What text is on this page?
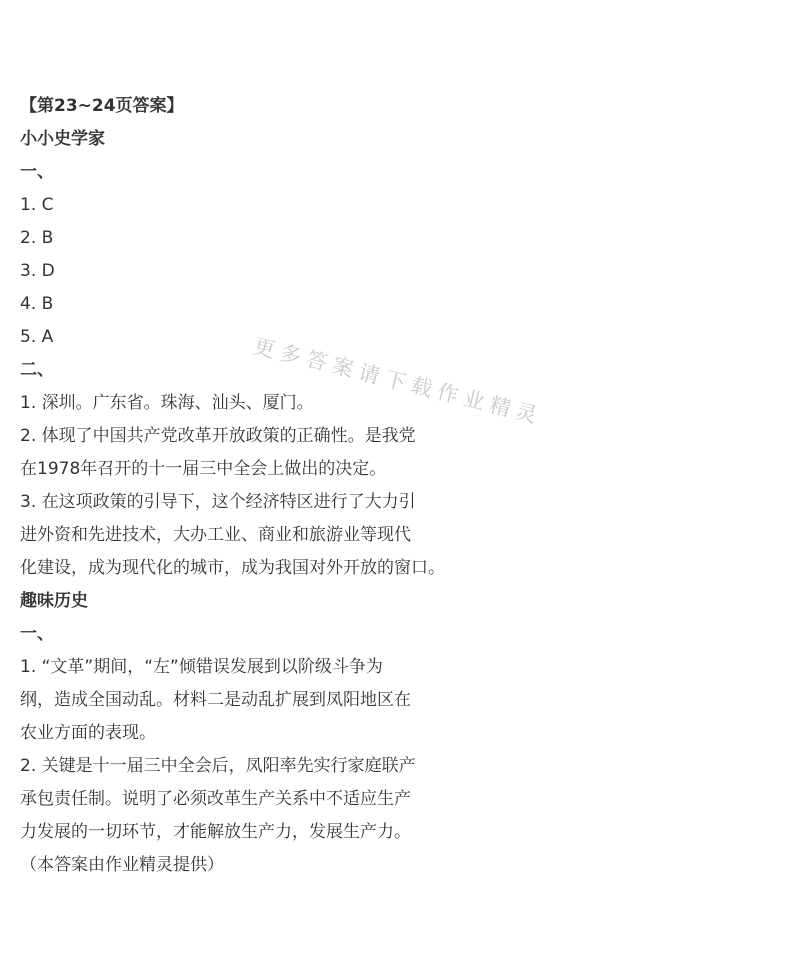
【第23~24页答案】
小小史学家
一、
1. C
2. B
3. D
4. B
5. A
二、
1. 深圳。广东省。珠海、汕头、厦门。
2. 体现了中国共产党改革开放政策的正确性。是我党
在1978年召开的十一届三中全会上做出的决定。
3. 在这项政策的引导下，这个经济特区进行了大力引
进外资和先进技术，大办工业、商业和旅游业等现代
化建设，成为现代化的城市，成为我国对外开放的窗口。
趣味历史
一、
1. “文革”期间，“左”倾错误发展到以阶级斗争为
纲，造成全国动乱。材料二是动乱扩展到凤阳地区在
农业方面的表现。
2. 关键是十一届三中全会后，凤阳率先实行家庭联产
承包责任制。说明了必须改革生产关系中不适应生产
力发展的一切环节，才能解放生产力，发展生产力。
（本答案由作业精灵提供）
更多答案请下载作业精灵
